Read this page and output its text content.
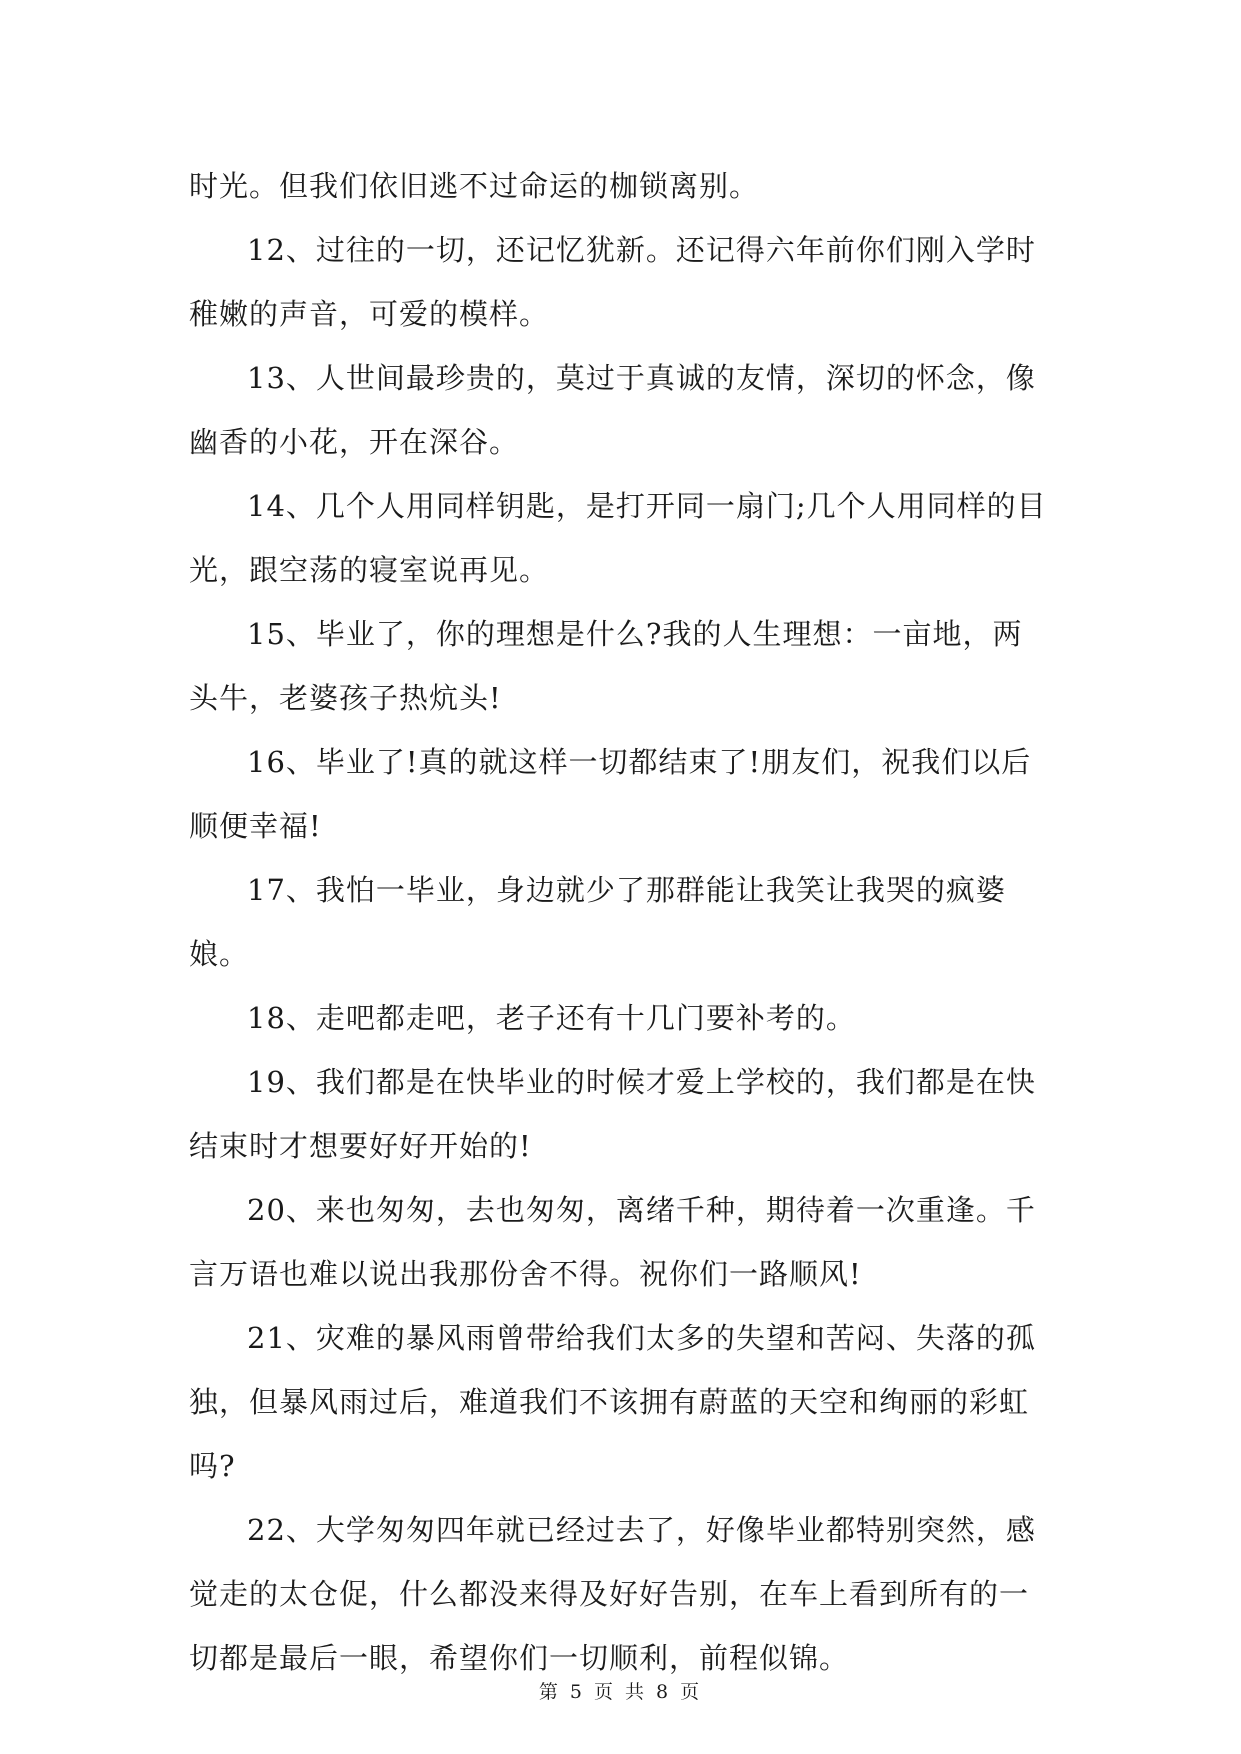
时光。但我们依旧逃不过命运的枷锁离别。

12、过往的一切，还记忆犹新。还记得六年前你们刚入学时稚嫩的声音，可爱的模样。

13、人世间最珍贵的，莫过于真诚的友情，深切的怀念，像幽香的小花，开在深谷。

14、几个人用同样钥匙，是打开同一扇门;几个人用同样的目光，跟空荡的寝室说再见。

15、毕业了，你的理想是什么?我的人生理想：一亩地，两头牛，老婆孩子热炕头!

16、毕业了!真的就这样一切都结束了!朋友们，祝我们以后顺便幸福!

17、我怕一毕业，身边就少了那群能让我笑让我哭的疯婆娘。

18、走吧都走吧，老子还有十几门要补考的。

19、我们都是在快毕业的时候才爱上学校的，我们都是在快结束时才想要好好开始的!

20、来也匆匆，去也匆匆，离绪千种，期待着一次重逢。千言万语也难以说出我那份舍不得。祝你们一路顺风!

21、灾难的暴风雨曾带给我们太多的失望和苦闷、失落的孤独，但暴风雨过后，难道我们不该拥有蔚蓝的天空和绚丽的彩虹吗?

22、大学匆匆四年就已经过去了，好像毕业都特别突然，感觉走的太仓促，什么都没来得及好好告别，在车上看到所有的一切都是最后一眼，希望你们一切顺利，前程似锦。

第 5 页 共 8 页
